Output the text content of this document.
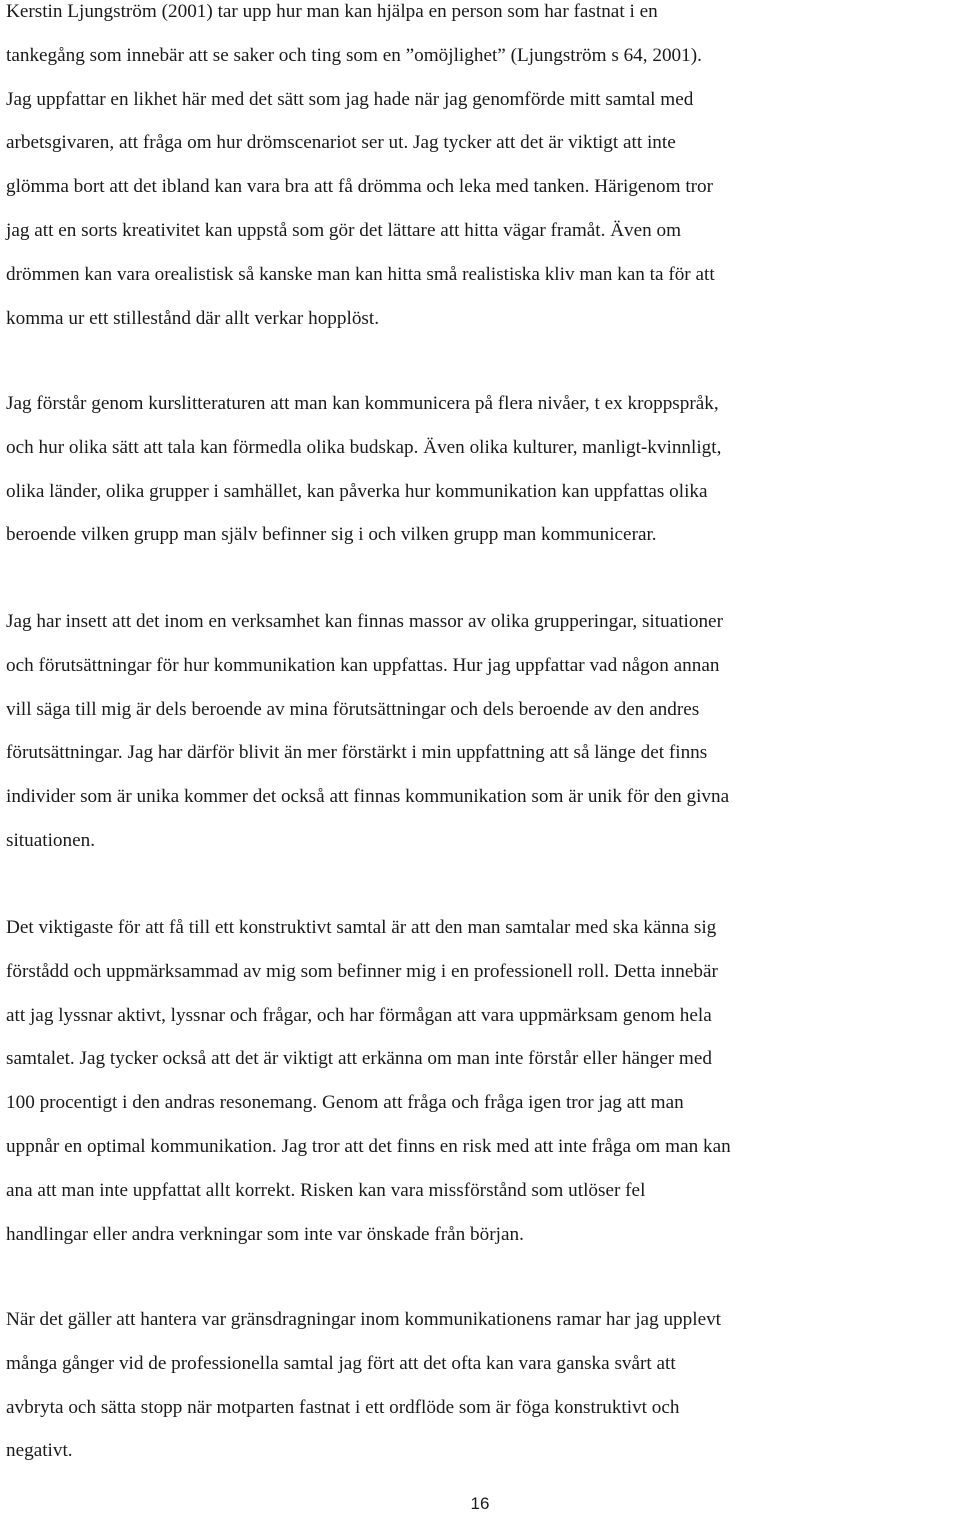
Kerstin Ljungström (2001) tar upp hur man kan hjälpa en person som har fastnat i en
tankegång som innebär att se saker och ting som en ”omöjlighet” (Ljungström s 64, 2001).
Jag uppfattar en likhet här med det sätt som jag hade när jag genomförde mitt samtal med
arbetsgivaren, att fråga om hur drömscenariot ser ut. Jag tycker att det är viktigt att inte
glömma bort att det ibland kan vara bra att få drömma och leka med tanken. Härigenom tror
jag att en sorts kreativitet kan uppstå som gör det lättare att hitta vägar framåt. Även om
drömmen kan vara orealistisk så kanske man kan hitta små realistiska kliv man kan ta för att
komma ur ett stillestånd där allt verkar hopplöst.
Jag förstår genom kurslitteraturen att man kan kommunicera på flera nivåer, t ex kroppspråk,
och hur olika sätt att tala kan förmedla olika budskap. Även olika kulturer, manligt-kvinnligt,
olika länder, olika grupper i samhället, kan påverka hur kommunikation kan uppfattas olika
beroende vilken grupp man själv befinner sig i och vilken grupp man kommunicerar.
Jag har insett att det inom en verksamhet kan finnas massor av olika grupperingar, situationer
och förutsättningar för hur kommunikation kan uppfattas. Hur jag uppfattar vad någon annan
vill säga till mig är dels beroende av mina förutsättningar och dels beroende av den andres
förutsättningar. Jag har därför blivit än mer förstärkt i min uppfattning att så länge det finns
individer som är unika kommer det också att finnas kommunikation som är unik för den givna
situationen.
Det viktigaste för att få till ett konstruktivt samtal är att den man samtalar med ska känna sig
förstådd och uppmärksammad av mig som befinner mig i en professionell roll. Detta innebär
att jag lyssnar aktivt, lyssnar och frågar, och har förmågan att vara uppmärksam genom hela
samtalet. Jag tycker också att det är viktigt att erkänna om man inte förstår eller hänger med
100 procentigt i den andras resonemang. Genom att fråga och fråga igen tror jag att man
uppnår en optimal kommunikation. Jag tror att det finns en risk med att inte fråga om man kan
ana att man inte uppfattat allt korrekt. Risken kan vara missförstånd som utlöser fel
handlingar eller andra verkningar som inte var önskade från början.
När det gäller att hantera var gränsdragningar inom kommunikationens ramar har jag upplevt
många gånger vid de professionella samtal jag fört att det ofta kan vara ganska svårt att
avbryta och sätta stopp när motparten fastnat i ett ordflöde som är föga konstruktivt och
negativt.
16
